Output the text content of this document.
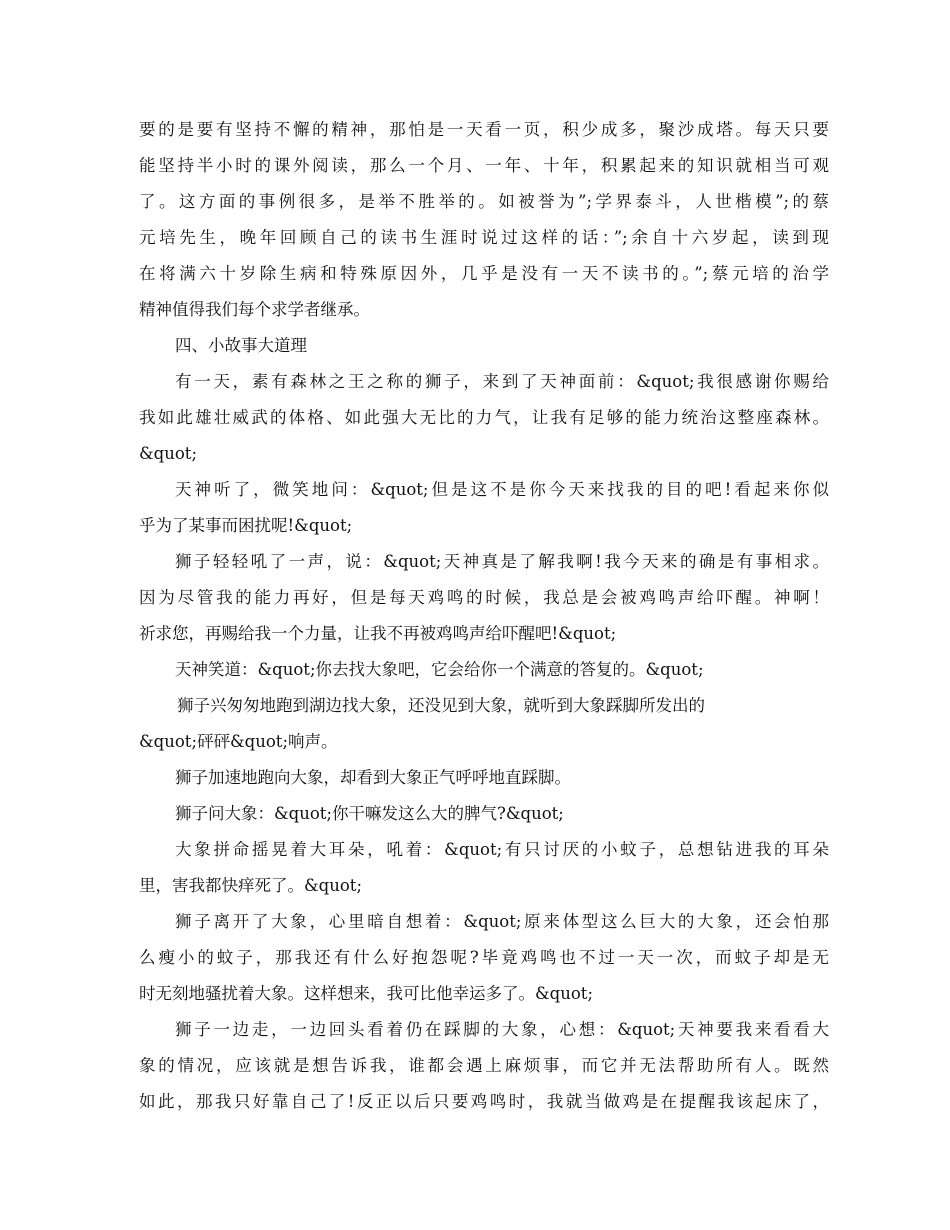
要的是要有坚持不懈的精神，那怕是一天看一页，积少成多，聚沙成塔。每天只要
能坚持半小时的课外阅读，那么一个月、一年、十年，积累起来的知识就相当可观
了。这方面的事例很多，是举不胜举的。如被誉为”;学界泰斗，人世楷模”;的蔡
元培先生，晚年回顾自己的读书生涯时说过这样的话：”;余自十六岁起，读到现
在将满六十岁除生病和特殊原因外，几乎是没有一天不读书的。”;蔡元培的治学
精神值得我们每个求学者继承。
四、小故事大道理
有一天，素有森林之王之称的狮子，来到了天神面前：&quot;我很感谢你赐给
我如此雄壮威武的体格、如此强大无比的力气，让我有足够的能力统治这整座森林。
&quot;
天神听了，微笑地问：&quot;但是这不是你今天来找我的目的吧!看起来你似
乎为了某事而困扰呢!&quot;
狮子轻轻吼了一声，说：&quot;天神真是了解我啊!我今天来的确是有事相求。
因为尽管我的能力再好，但是每天鸡鸣的时候，我总是会被鸡鸣声给吓醒。神啊！
祈求您，再赐给我一个力量，让我不再被鸡鸣声给吓醒吧!&quot;
天神笑道：&quot;你去找大象吧，它会给你一个满意的答复的。&quot;
狮子兴匆匆地跑到湖边找大象，还没见到大象，就听到大象踩脚所发出的
&quot;砰砰&quot;响声。
狮子加速地跑向大象，却看到大象正气呼呼地直踩脚。
狮子问大象：&quot;你干嘛发这么大的脾气?&quot;
大象拼命摇晃着大耳朵，吼着：&quot;有只讨厌的小蚊子，总想钻进我的耳朵
里，害我都快痒死了。&quot;
狮子离开了大象，心里暗自想着：&quot;原来体型这么巨大的大象，还会怕那
么瘦小的蚊子，那我还有什么好抱怨呢?毕竟鸡鸣也不过一天一次，而蚊子却是无
时无刻地骚扰着大象。这样想来，我可比他幸运多了。&quot;
狮子一边走，一边回头看着仍在踩脚的大象，心想：&quot;天神要我来看看大
象的情况，应该就是想告诉我，谁都会遇上麻烦事，而它并无法帮助所有人。既然
如此，那我只好靠自己了!反正以后只要鸡鸣时，我就当做鸡是在提醒我该起床了，
